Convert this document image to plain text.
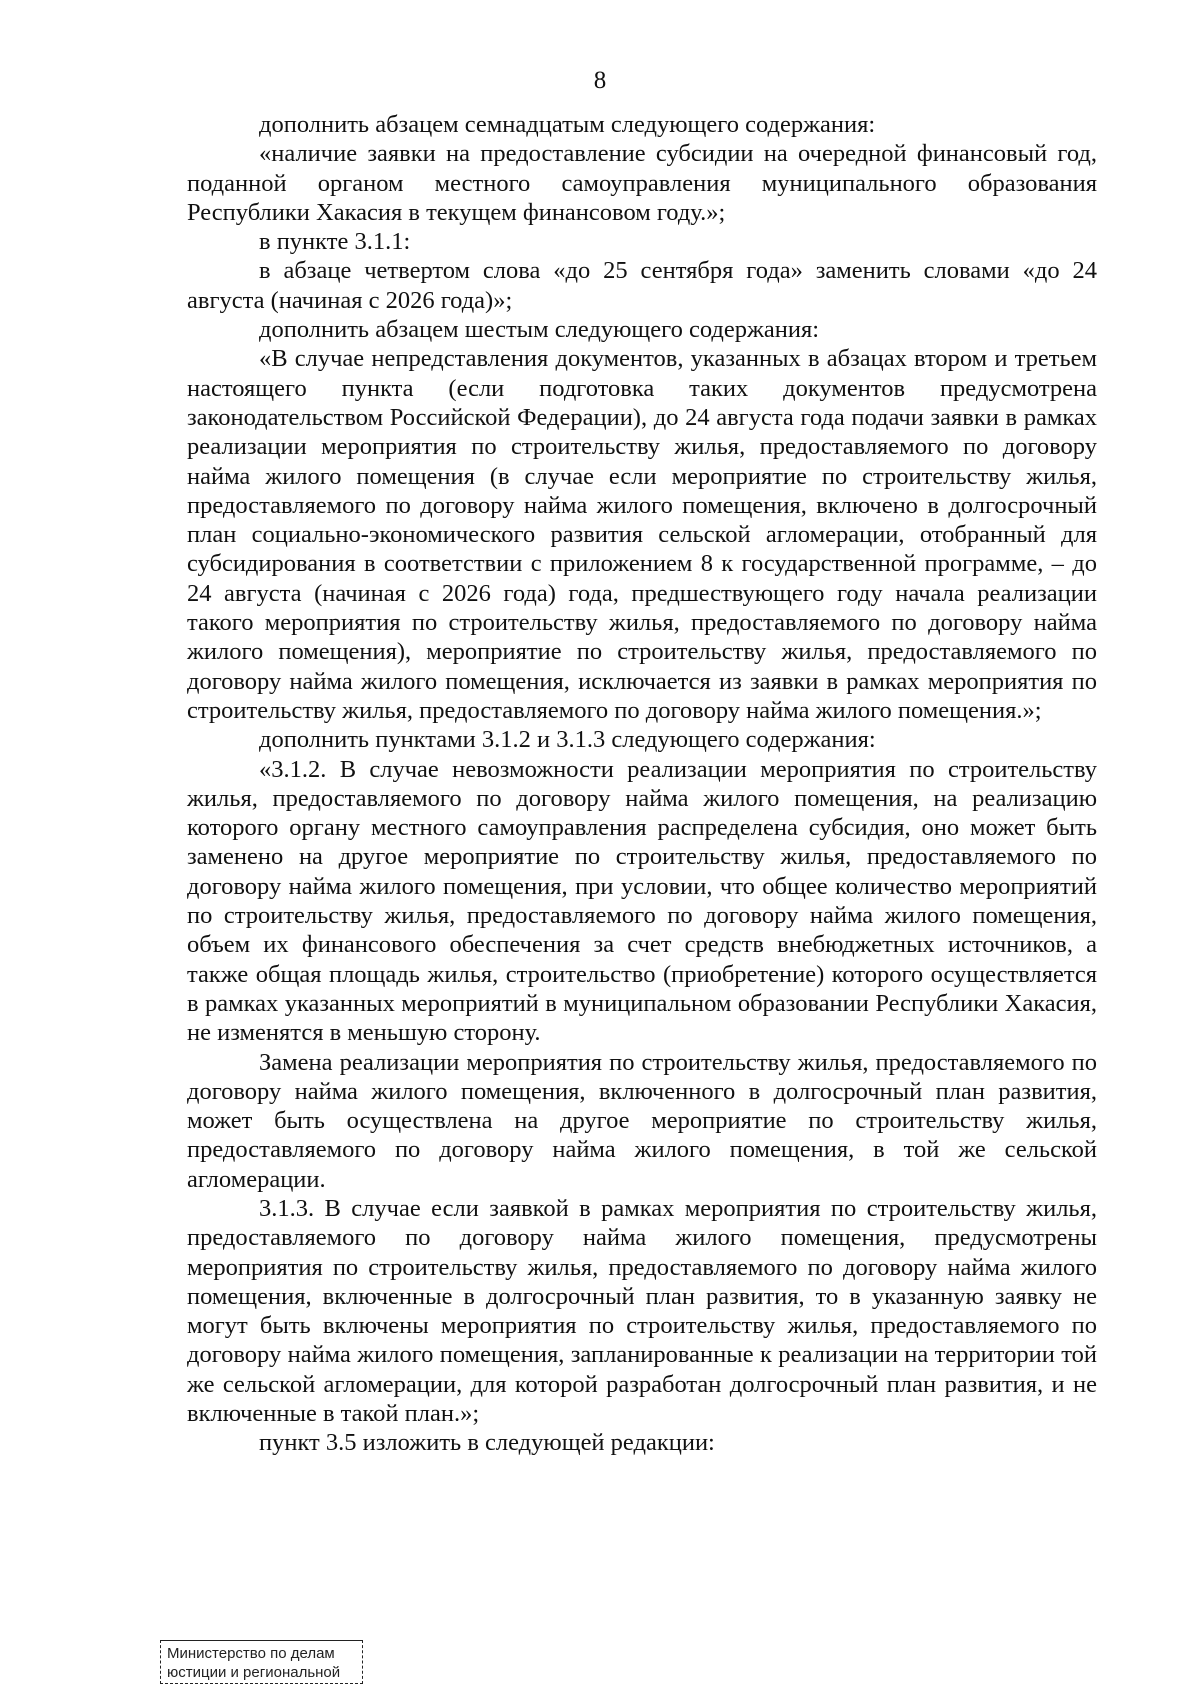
8

дополнить абзацем семнадцатым следующего содержания:

«наличие заявки на предоставление субсидии на очередной финансовый год, поданной органом местного самоуправления муниципального образования Республики Хакасия в текущем финансовом году.»;

в пункте 3.1.1:

в абзаце четвертом слова «до 25 сентября года» заменить словами «до 24 августа (начиная с 2026 года)»;

дополнить абзацем шестым следующего содержания:

«В случае непредставления документов, указанных в абзацах втором и третьем настоящего пункта (если подготовка таких документов предусмотрена законодательством Российской Федерации), до 24 августа года подачи заявки в рамках реализации мероприятия по строительству жилья, предоставляемого по договору найма жилого помещения (в случае если мероприятие по строительству жилья, предоставляемого по договору найма жилого помещения, включено в долгосрочный план социально-экономического развития сельской агломерации, отобранный для субсидирования в соответствии с приложением 8 к государственной программе, – до 24 августа (начиная с 2026 года) года, предшествующего году начала реализации такого мероприятия по строительству жилья, предоставляемого по договору найма жилого помещения), мероприятие по строительству жилья, предоставляемого по договору найма жилого помещения, исключается из заявки в рамках мероприятия по строительству жилья, предоставляемого по договору найма жилого помещения.»;

дополнить пунктами 3.1.2 и 3.1.3 следующего содержания:

«3.1.2. В случае невозможности реализации мероприятия по строительству жилья, предоставляемого по договору найма жилого помещения, на реализацию которого органу местного самоуправления распределена субсидия, оно может быть заменено на другое мероприятие по строительству жилья, предоставляемого по договору найма жилого помещения, при условии, что общее количество мероприятий по строительству жилья, предоставляемого по договору найма жилого помещения, объем их финансового обеспечения за счет средств внебюджетных источников, а также общая площадь жилья, строительство (приобретение) которого осуществляется в рамках указанных мероприятий в муниципальном образовании Республики Хакасия, не изменятся в меньшую сторону.

Замена реализации мероприятия по строительству жилья, предоставляемого по договору найма жилого помещения, включенного в долгосрочный план развития, может быть осуществлена на другое мероприятие по строительству жилья, предоставляемого по договору найма жилого помещения, в той же сельской агломерации.

3.1.3. В случае если заявкой в рамках мероприятия по строительству жилья, предоставляемого по договору найма жилого помещения, предусмотрены мероприятия по строительству жилья, предоставляемого по договору найма жилого помещения, включенные в долгосрочный план развития, то в указанную заявку не могут быть включены мероприятия по строительству жилья, предоставляемого по договору найма жилого помещения, запланированные к реализации на территории той же сельской агломерации, для которой разработан долгосрочный план развития, и не включенные в такой план.»;

пункт 3.5 изложить в следующей редакции:

Министерство по делам
юстиции и региональной
